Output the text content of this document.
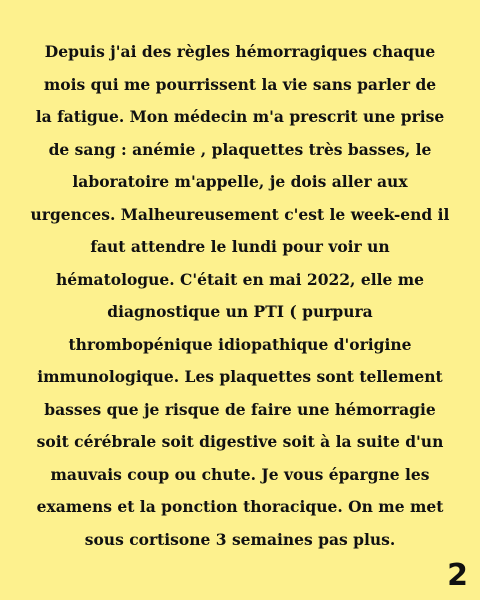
Depuis j'ai des règles hémorragiques chaque
mois qui me pourrissent la vie sans parler de
la fatigue. Mon médecin m'a prescrit une prise
de sang : anémie , plaquettes très basses, le
laboratoire m'appelle, je dois aller aux
urgences. Malheureusement c'est le week-end il
faut attendre le lundi pour voir un
hématologue. C'était en mai 2022, elle me
diagnostique un PTI ( purpura
thrombopénique idiopathique d'origine
immunologique. Les plaquettes sont tellement
basses que je risque de faire une hémorragie
soit cérébrale soit digestive soit à la suite d'un
mauvais coup ou chute. Je vous épargne les
examens et la ponction thoracique. On me met
sous cortisone 3 semaines pas plus.
2
